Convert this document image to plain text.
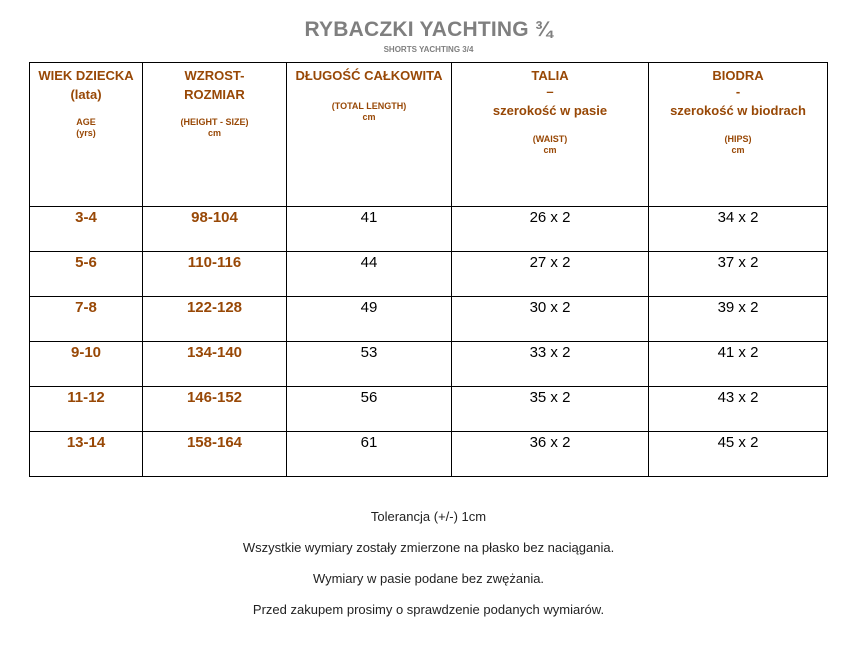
RYBACZKI YACHTING ¾
SHORTS YACHTING 3/4
WIEK DZIECKA
(lata)
AGE
(yrs)	WZROST-
ROZMIAR
(HEIGHT - SIZE)
cm	DŁUGOŚĆ CAŁKOWITA
(TOTAL LENGTH)
cm	TALIA
–
szerokość w pasie
(WAIST)
cm	BIODRA
-
szerokość w biodrach
(HIPS)
cm

3-4	98-104	41	26 x 2	34 x 2
5-6	110-116	44	27 x 2	37 x 2
7-8	122-128	49	30 x 2	39 x 2
9-10	134-140	53	33 x 2	41 x 2
11-12	146-152	56	35 x 2	43 x 2
13-14	158-164	61	36 x 2	45 x 2
Tolerancja (+/-) 1cm
Wszystkie wymiary zostały zmierzone na płasko bez naciągania.
Wymiary w pasie podane bez zwężania.
Przed zakupem prosimy o sprawdzenie podanych wymiarów.
